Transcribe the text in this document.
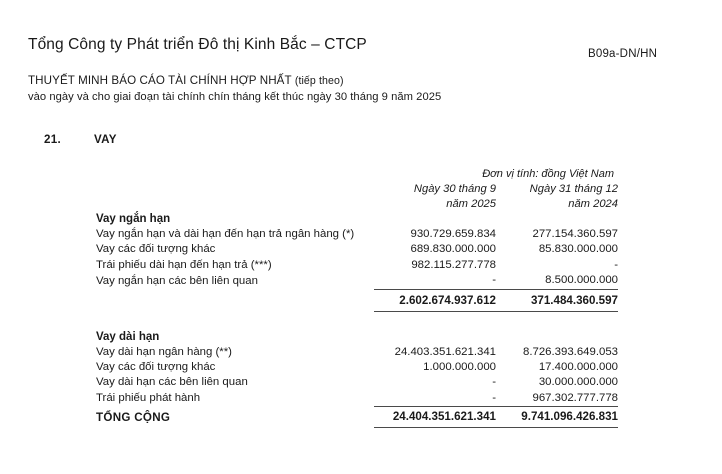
Tổng Công ty Phát triển Đô thị Kinh Bắc – CTCP
B09a-DN/HN
THUYẾT MINH BÁO CÁO TÀI CHÍNH HỢP NHẤT (tiếp theo)
vào ngày và cho giai đoạn tài chính chín tháng kết thúc ngày 30 tháng 9 năm 2025
21.	VAY
Đơn vị tính: đồng Việt Nam

Ngày 30 tháng 9
năm 2025

Ngày 31 tháng 12
năm 2024

Vay ngắn hạn		
Vay ngắn hạn và dài hạn đến hạn trả ngân hàng (*)	930.729.659.834	277.154.360.597
Vay các đối tượng khác	689.830.000.000	85.830.000.000
Trái phiếu dài hạn đến hạn trả (***)	982.115.277.778	-
Vay ngắn hạn các bên liên quan	-	8.500.000.000
	2.602.674.937.612	371.484.360.597

Vay dài hạn		
Vay dài hạn ngân hàng (**)	24.403.351.621.341	8.726.393.649.053
Vay các đối tượng khác	1.000.000.000	17.400.000.000
Vay dài hạn các bên liên quan	-	30.000.000.000
Trái phiếu phát hành	-	967.302.777.778
TỔNG CỘNG	24.404.351.621.341	9.741.096.426.831
